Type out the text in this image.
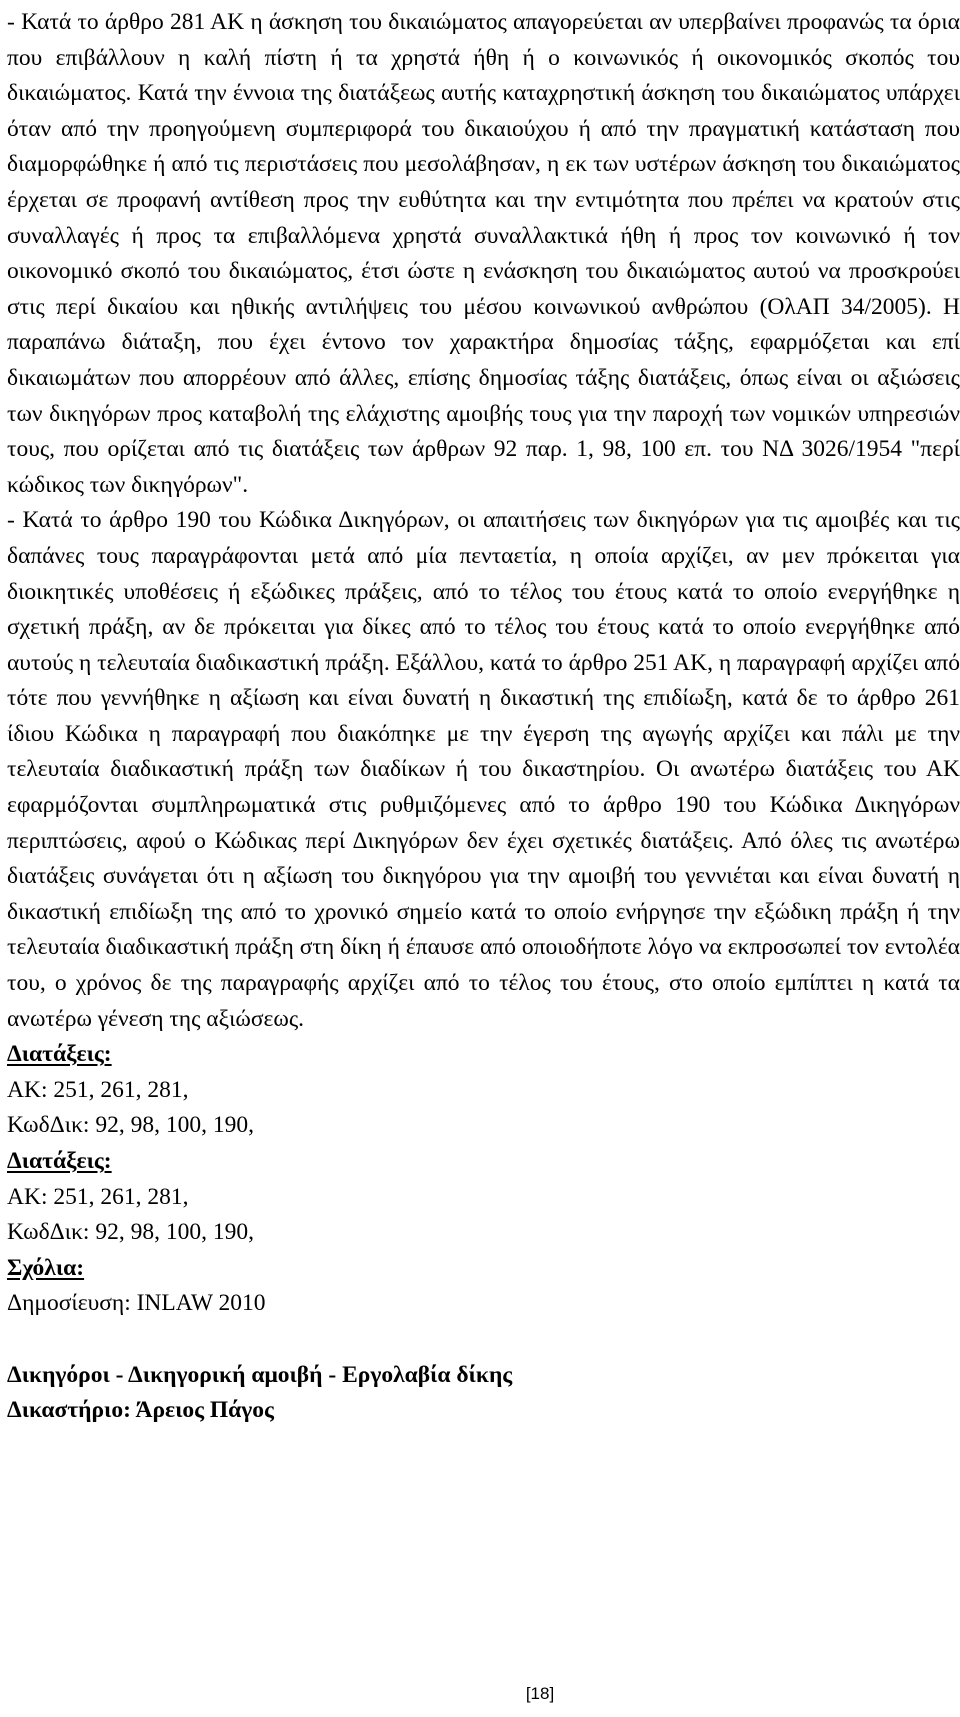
- Κατά το άρθρο 281 ΑΚ η άσκηση του δικαιώματος απαγορεύεται αν υπερβαίνει προφανώς τα όρια που επιβάλλουν η καλή πίστη ή τα χρηστά ήθη ή ο κοινωνικός ή οικονομικός σκοπός του δικαιώματος. Κατά την έννοια της διατάξεως αυτής καταχρηστική άσκηση του δικαιώματος υπάρχει όταν από την προηγούμενη συμπεριφορά του δικαιούχου ή από την πραγματική κατάσταση που διαμορφώθηκε ή από τις περιστάσεις που μεσολάβησαν, η εκ των υστέρων άσκηση του δικαιώματος έρχεται σε προφανή αντίθεση προς την ευθύτητα και την εντιμότητα που πρέπει να κρατούν στις συναλλαγές ή προς τα επιβαλλόμενα χρηστά συναλλακτικά ήθη ή προς τον κοινωνικό ή τον οικονομικό σκοπό του δικαιώματος, έτσι ώστε η ενάσκηση του δικαιώματος αυτού να προσκρούει στις περί δικαίου και ηθικής αντιλήψεις του μέσου κοινωνικού ανθρώπου (ΟλΑΠ 34/2005). Η παραπάνω διάταξη, που έχει έντονο τον χαρακτήρα δημοσίας τάξης, εφαρμόζεται και επί δικαιωμάτων που απορρέουν από άλλες, επίσης δημοσίας τάξης διατάξεις, όπως είναι οι αξιώσεις των δικηγόρων προς καταβολή της ελάχιστης αμοιβής τους για την παροχή των νομικών υπηρεσιών τους, που ορίζεται από τις διατάξεις των άρθρων 92 παρ. 1, 98, 100 επ. του ΝΔ 3026/1954 "περί κώδικος των δικηγόρων".

- Κατά το άρθρο 190 του Κώδικα Δικηγόρων, οι απαιτήσεις των δικηγόρων για τις αμοιβές και τις δαπάνες τους παραγράφονται μετά από μία πενταετία, η οποία αρχίζει, αν μεν πρόκειται για διοικητικές υποθέσεις ή εξώδικες πράξεις, από το τέλος του έτους κατά το οποίο ενεργήθηκε η σχετική πράξη, αν δε πρόκειται για δίκες από το τέλος του έτους κατά το οποίο ενεργήθηκε από αυτούς η τελευταία διαδικαστική πράξη. Εξάλλου, κατά το άρθρο 251 ΑΚ, η παραγραφή αρχίζει από τότε που γεννήθηκε η αξίωση και είναι δυνατή η δικαστική της επιδίωξη, κατά δε το άρθρο 261 ίδιου Κώδικα η παραγραφή που διακόπηκε με την έγερση της αγωγής αρχίζει και πάλι με την τελευταία διαδικαστική πράξη των διαδίκων ή του δικαστηρίου. Οι ανωτέρω διατάξεις του ΑΚ εφαρμόζονται συμπληρωματικά στις ρυθμιζόμενες από το άρθρο 190 του Κώδικα Δικηγόρων περιπτώσεις, αφού ο Κώδικας περί Δικηγόρων δεν έχει σχετικές διατάξεις. Από όλες τις ανωτέρω διατάξεις συνάγεται ότι η αξίωση του δικηγόρου για την αμοιβή του γεννιέται και είναι δυνατή η δικαστική επιδίωξη της από το χρονικό σημείο κατά το οποίο ενήργησε την εξώδικη πράξη ή την τελευταία διαδικαστική πράξη στη δίκη ή έπαυσε από οποιοδήποτε λόγο να εκπροσωπεί τον εντολέα του, ο χρόνος δε της παραγραφής αρχίζει από το τέλος του έτους, στο οποίο εμπίπτει η κατά τα ανωτέρω γένεση της αξιώσεως.

Διατάξεις:
ΑΚ: 251, 261, 281,
ΚωδΔικ: 92, 98, 100, 190,
Διατάξεις:
ΑΚ: 251, 261, 281,
ΚωδΔικ: 92, 98, 100, 190,
Σχόλια:
Δημοσίευση: INLAW 2010
Δικηγόροι - Δικηγορική αμοιβή - Εργολαβία δίκης
Δικαστήριο: Άρειος Πάγος
[18]
